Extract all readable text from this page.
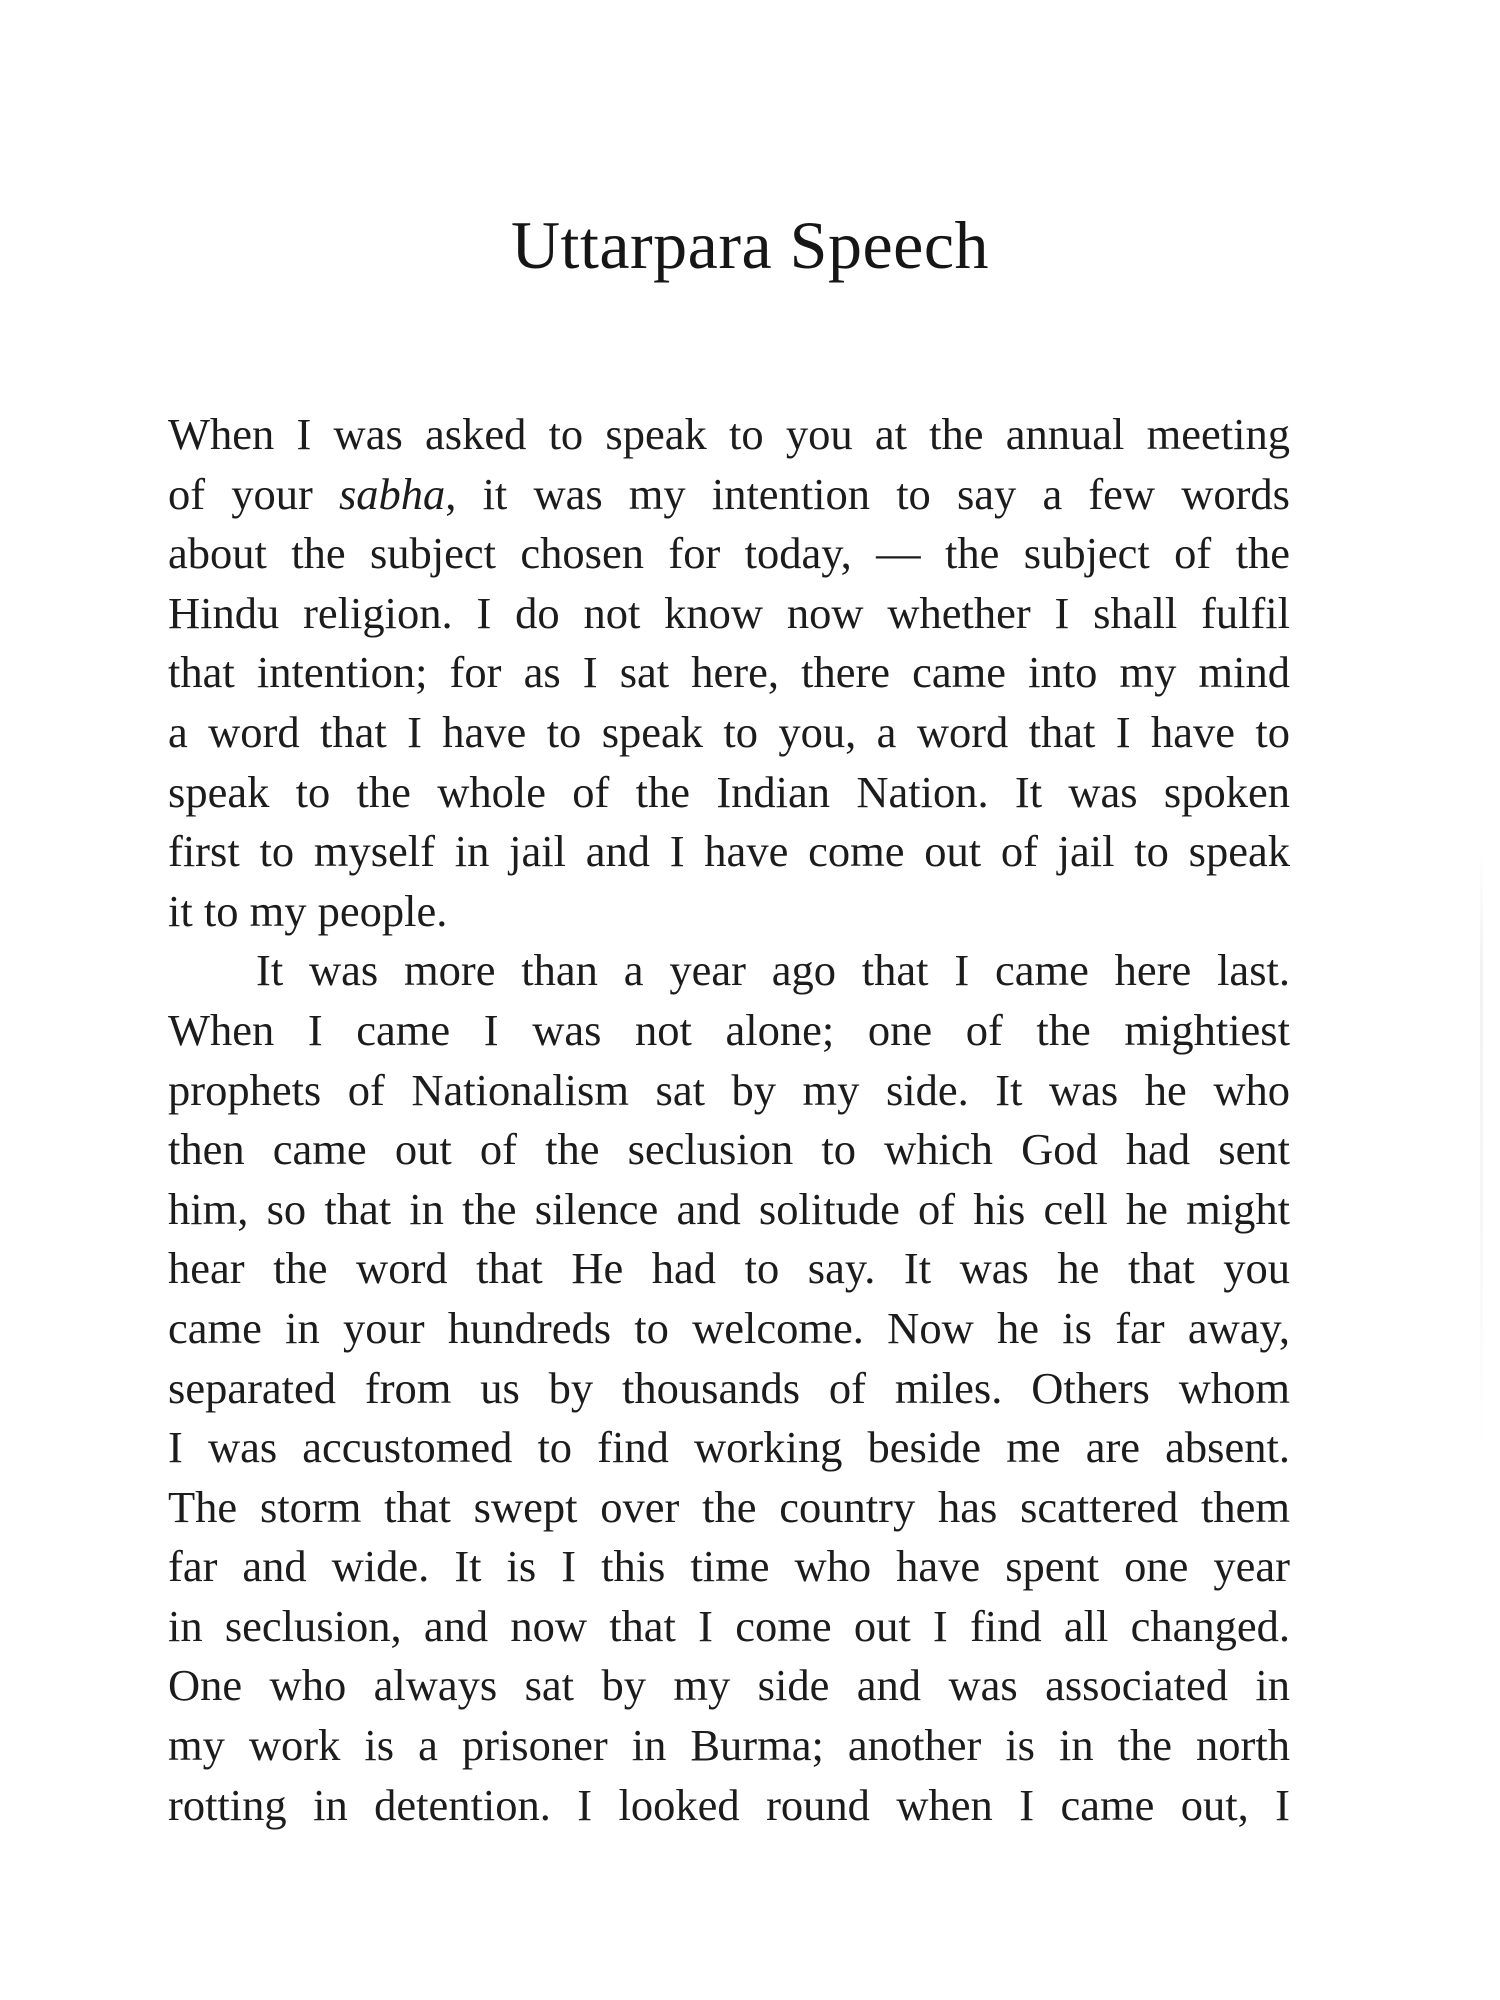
Uttarpara Speech
When I was asked to speak to you at the annual meeting
of your sabha, it was my intention to say a few words
about the subject chosen for today, — the subject of the
Hindu religion. I do not know now whether I shall fulfil
that intention; for as I sat here, there came into my mind
a word that I have to speak to you, a word that I have to
speak to the whole of the Indian Nation. It was spoken
first to myself in jail and I have come out of jail to speak
it to my people.
It was more than a year ago that I came here last.
When I came I was not alone; one of the mightiest
prophets of Nationalism sat by my side. It was he who
then came out of the seclusion to which God had sent
him, so that in the silence and solitude of his cell he might
hear the word that He had to say. It was he that you
came in your hundreds to welcome. Now he is far away,
separated from us by thousands of miles. Others whom
I was accustomed to find working beside me are absent.
The storm that swept over the country has scattered them
far and wide. It is I this time who have spent one year
in seclusion, and now that I come out I find all changed.
One who always sat by my side and was associated in
my work is a prisoner in Burma; another is in the north
rotting in detention. I looked round when I came out, I
